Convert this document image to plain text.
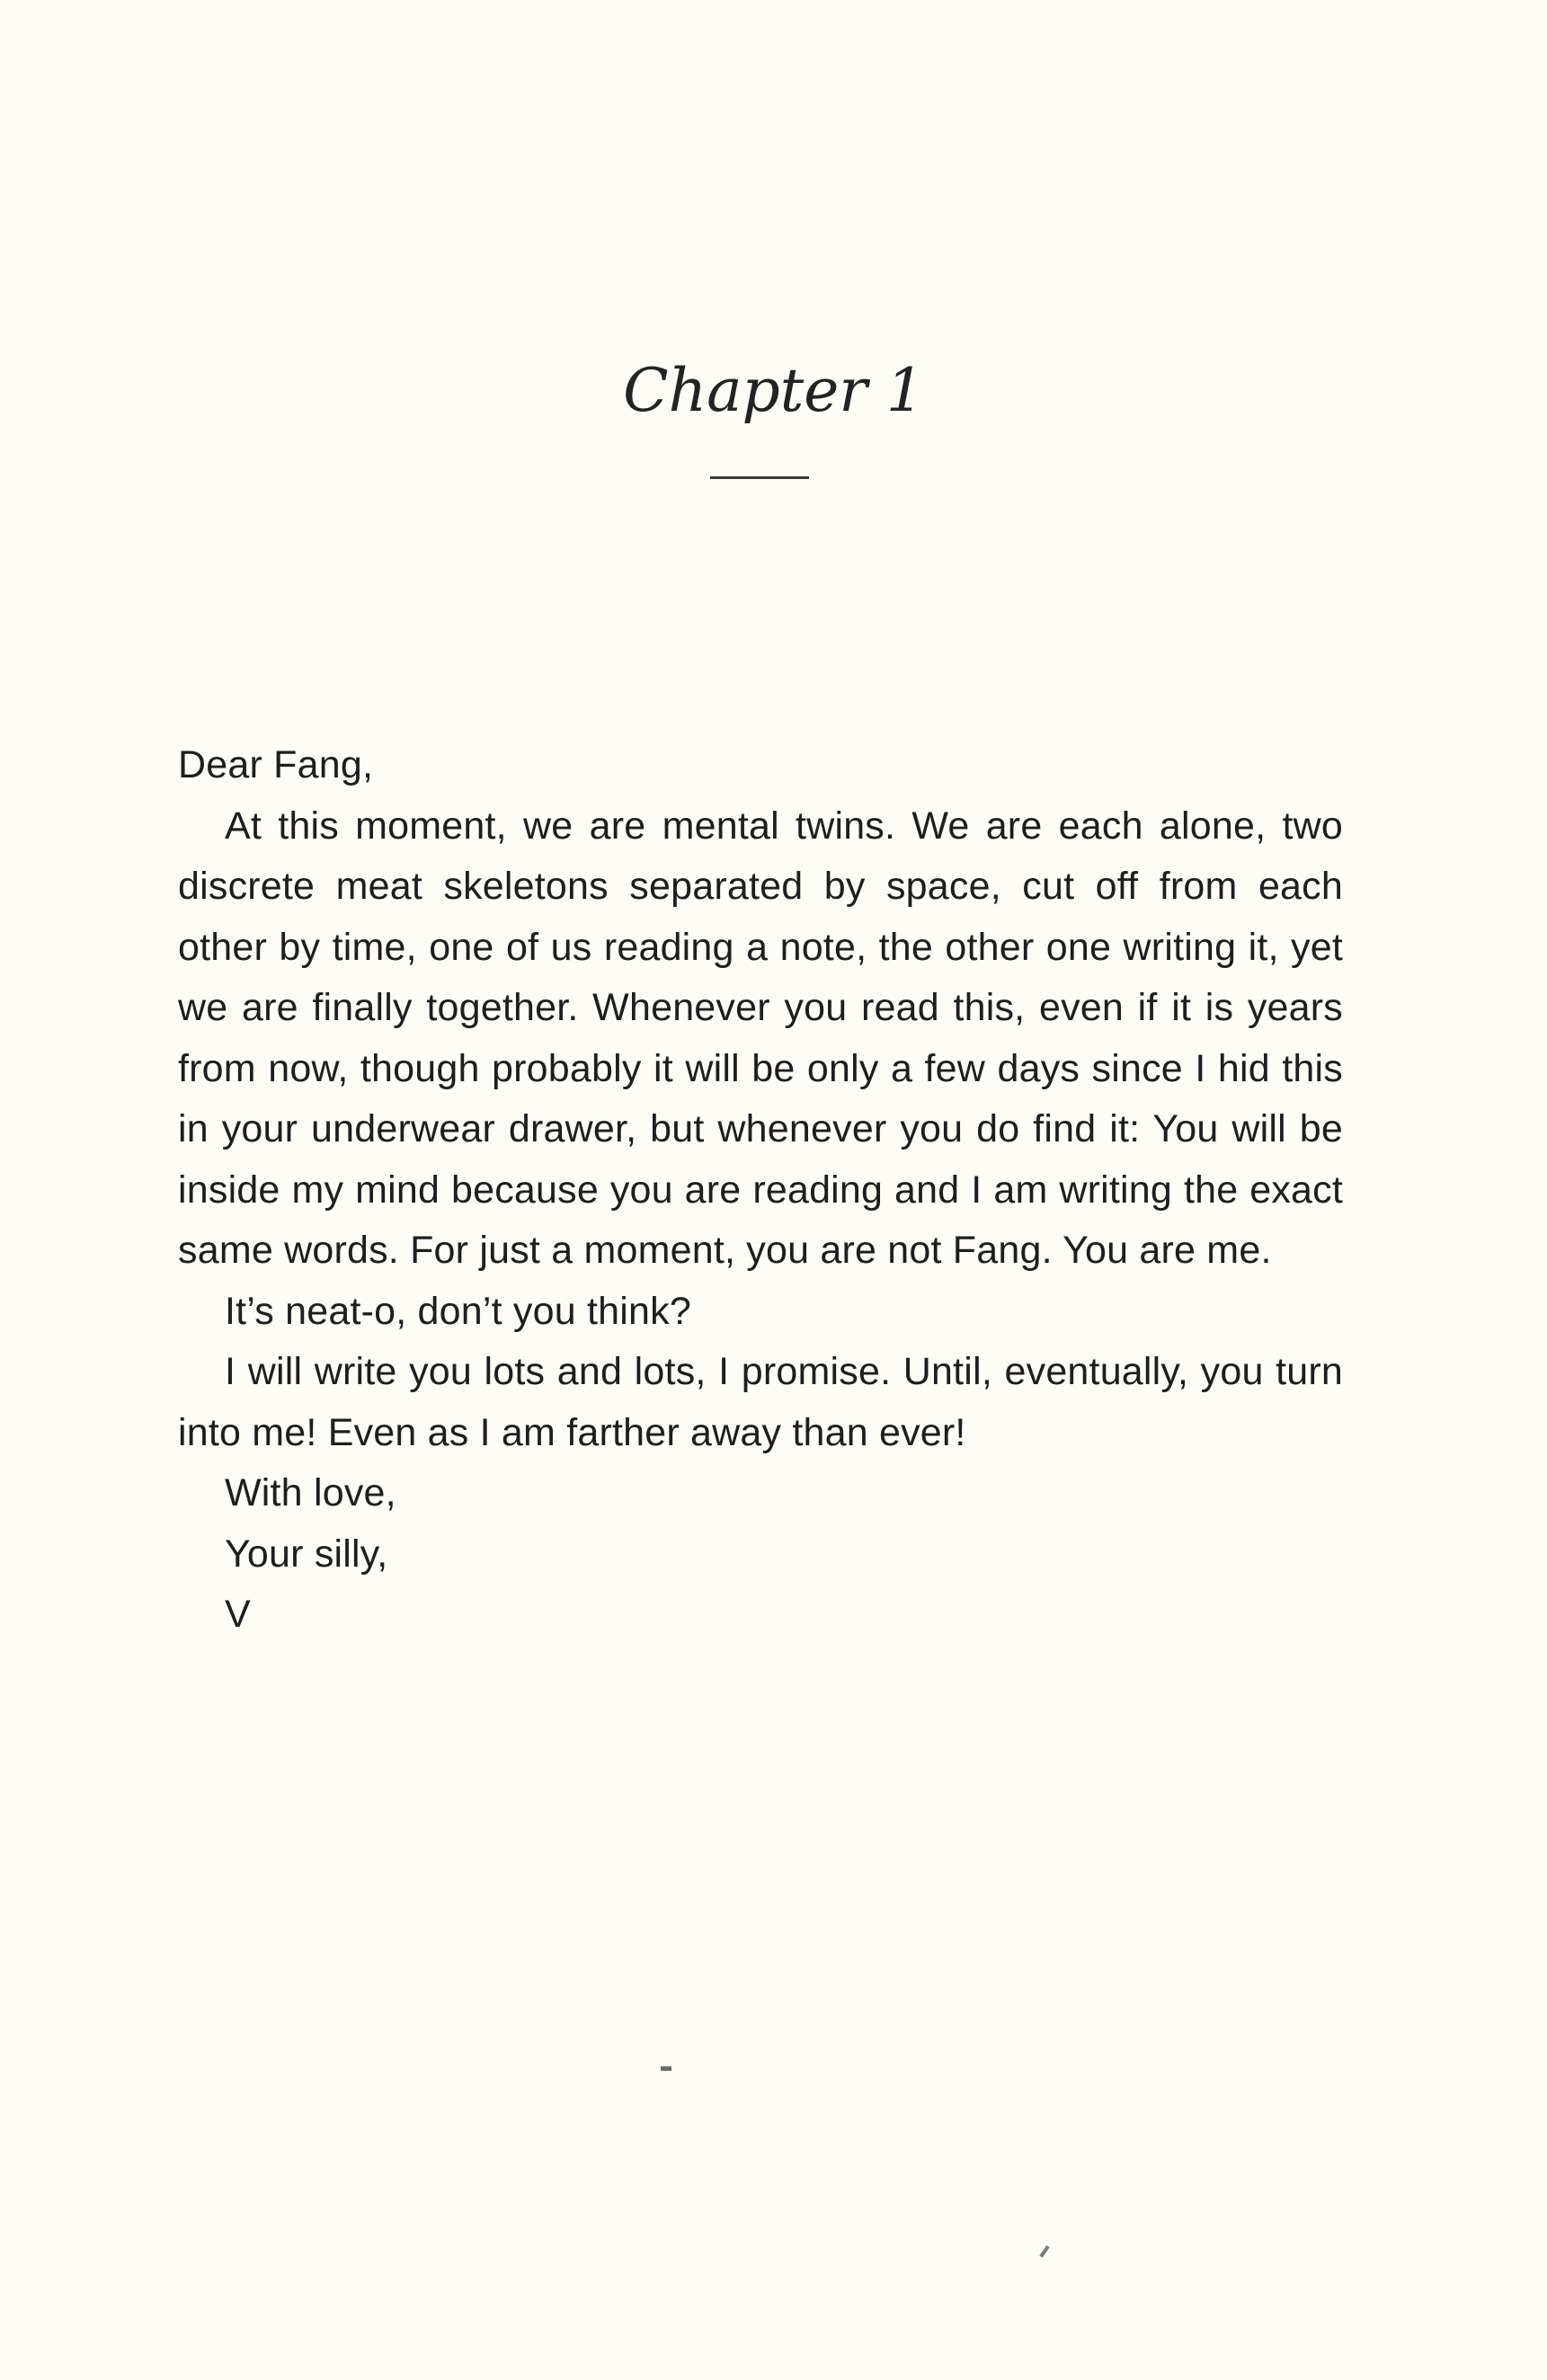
Chapter 1

Dear Fang,

At this moment, we are mental twins. We are each alone, two discrete meat skeletons separated by space, cut off from each other by time, one of us reading a note, the other one writing it, yet we are finally together. Whenever you read this, even if it is years from now, though probably it will be only a few days since I hid this in your underwear drawer, but whenever you do find it: You will be inside my mind because you are reading and I am writing the exact same words. For just a moment, you are not Fang. You are me.

It’s neat-o, don’t you think?

I will write you lots and lots, I promise. Until, eventually, you turn into me! Even as I am farther away than ever!

With love,

Your silly,

V
